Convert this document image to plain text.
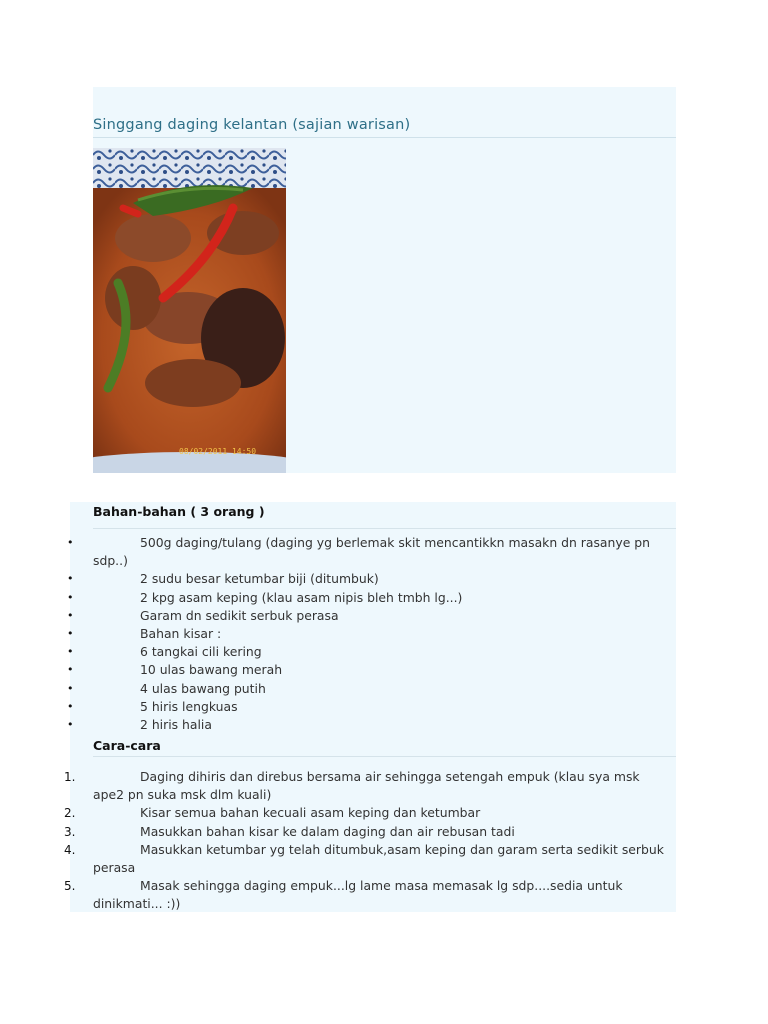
Singgang daging kelantan (sajian warisan)
08/02/2011 14:50
Bahan-bahan ( 3 orang )
•	500g daging/tulang (daging yg berlemak skit mencantikkn masakn dn rasanye pn sdp..)
•	2 sudu besar ketumbar biji (ditumbuk)
•	2 kpg asam keping (klau asam nipis bleh tmbh lg...)
•	Garam dn sedikit serbuk perasa
•	Bahan kisar :
•	6 tangkai cili kering
•	10 ulas bawang merah
•	4 ulas bawang putih
•	5 hiris lengkuas
•	2 hiris halia
Cara-cara
1.	Daging dihiris dan direbus bersama air sehingga setengah empuk (klau sya msk ape2 pn suka msk dlm kuali)
2.	Kisar semua bahan kecuali asam keping dan ketumbar
3.	Masukkan bahan kisar ke dalam daging dan air rebusan tadi
4.	Masukkan ketumbar yg telah ditumbuk,asam keping dan garam serta sedikit serbuk perasa
5.	Masak sehingga daging empuk...lg lame masa memasak lg sdp....sedia untuk dinikmati... :))
